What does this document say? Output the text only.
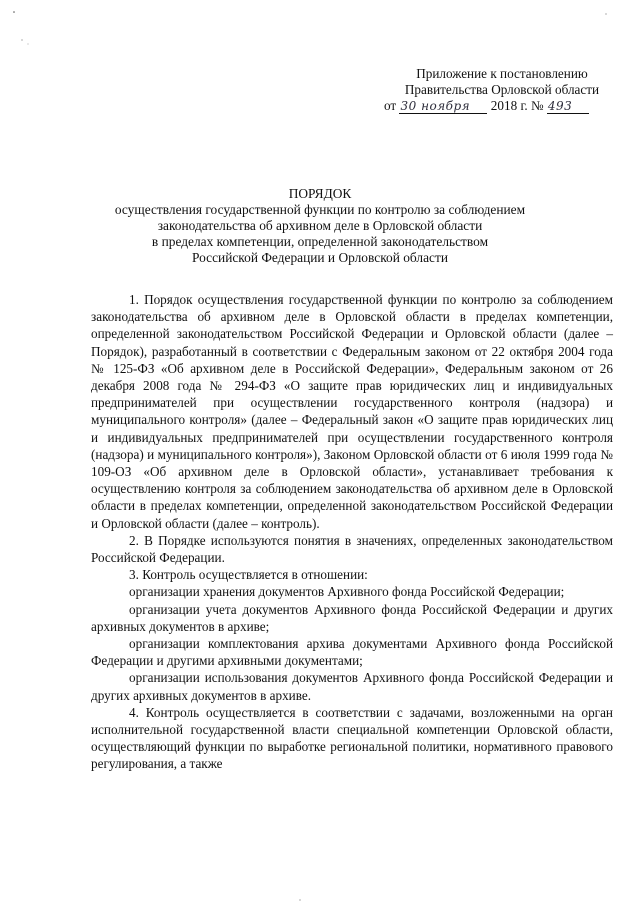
Приложение к постановлению
Правительства Орловской области
от 30 ноября 2018 г. № 493
ПОРЯДОК
осуществления государственной функции по контролю за соблюдением
законодательства об архивном деле в Орловской области
в пределах компетенции, определенной законодательством
Российской Федерации и Орловской области

1. Порядок осуществления государственной функции по контролю за соблюдением законодательства об архивном деле в Орловской области в пределах компетенции, определенной законодательством Российской Федерации и Орловской области (далее – Порядок), разработанный в соответствии с Федеральным законом от 22 октября 2004 года № 125-ФЗ «Об архивном деле в Российской Федерации», Федеральным законом от 26 декабря 2008 года № 294-ФЗ «О защите прав юридических лиц и индивидуальных предпринимателей при осуществлении государственного контроля (надзора) и муниципального контроля» (далее – Федеральный закон «О защите прав юридических лиц и индивидуальных предпринимателей при осуществлении государственного контроля (надзора) и муниципального контроля»), Законом Орловской области от 6 июля 1999 года № 109-ОЗ «Об архивном деле в Орловской области», устанавливает требования к осуществлению контроля за соблюдением законодательства об архивном деле в Орловской области в пределах компетенции, определенной законодательством Российской Федерации и Орловской области (далее – контроль).

2. В Порядке используются понятия в значениях, определенных законодательством Российской Федерации.

3. Контроль осуществляется в отношении:

организации хранения документов Архивного фонда Российской Федерации;

организации учета документов Архивного фонда Российской Федерации и других архивных документов в архиве;

организации комплектования архива документами Архивного фонда Российской Федерации и другими архивными документами;

организации использования документов Архивного фонда Российской Федерации и других архивных документов в архиве.

4. Контроль осуществляется в соответствии с задачами, возложенными на орган исполнительной государственной власти специальной компетенции Орловской области, осуществляющий функции по выработке региональной политики, нормативного правового регулирования, а также
